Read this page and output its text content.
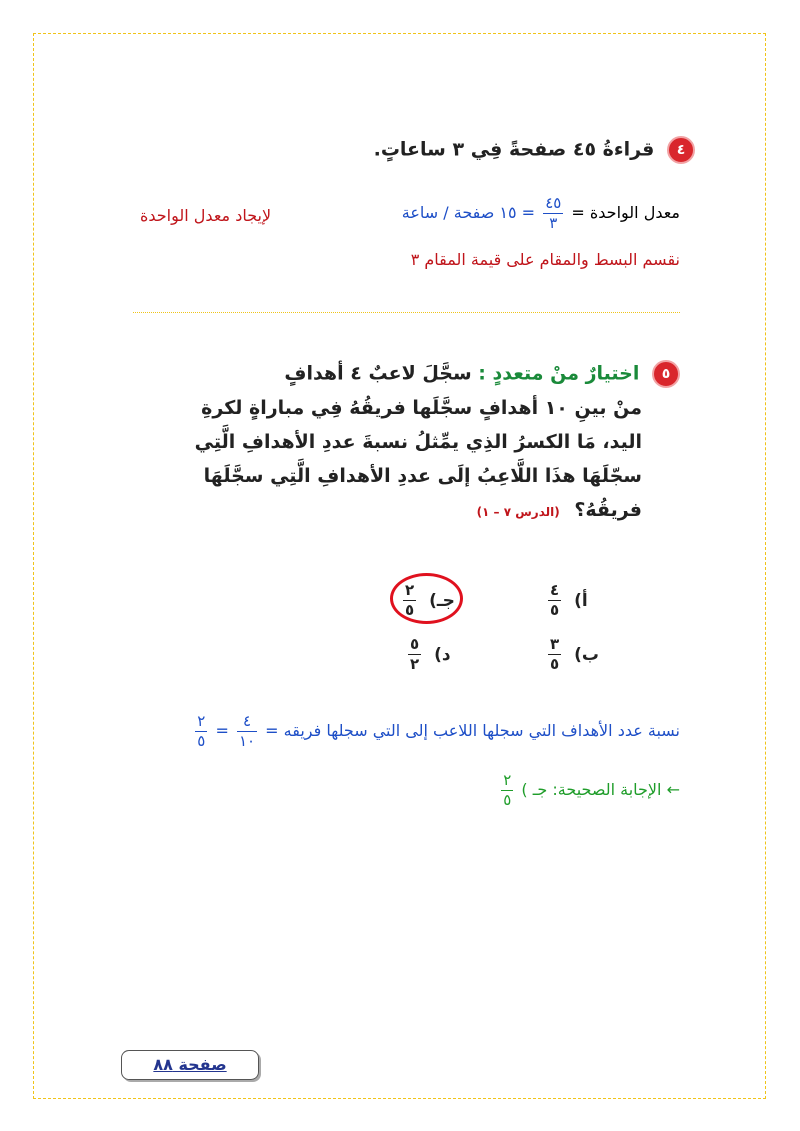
٤ قراءةُ ٤٥ صفحةً فِي ٣ ساعاتٍ.
لإيجاد معدل الواحدة	معدل الواحدة =
$\frac{٤٥}{٣}$
= ١٥ صفحة / ساعة
نقسم البسط والمقام على قيمة المقام ٣

٥ اختيارٌ منْ متعددٍ : سجَّلَ لاعبٌ ٤ أهدافٍ

منْ بينِ ١٠ أهدافٍ سجَّلَها فريقُهُ فِي مباراةٍ لكرةِ

اليد، مَا الكسرُ الذِي يمِّثلُ نسبةَ عددِ الأهدافِ الَّتِي

سجّلَهَا هذَا اللَّاعِبُ إلَى عددِ الأهدافِ الَّتِي سجَّلَهَا

فريقُهُ؟ (الدرس ٧ – ١)

أ)
$\frac{٤}{٥}$
ب)
$\frac{٣}{٥}$
جـ)
$\frac{٢}{٥}$
د)
$\frac{٥}{٢}$
نسبة عدد الأهداف التي سجلها اللاعب إلى التي سجلها فريقه =
$\frac{٤}{١٠}$
=
$\frac{٢}{٥}$
← الإجابة الصحيحة: جـ )
$\frac{٢}{٥}$
صفحة ٨٨
